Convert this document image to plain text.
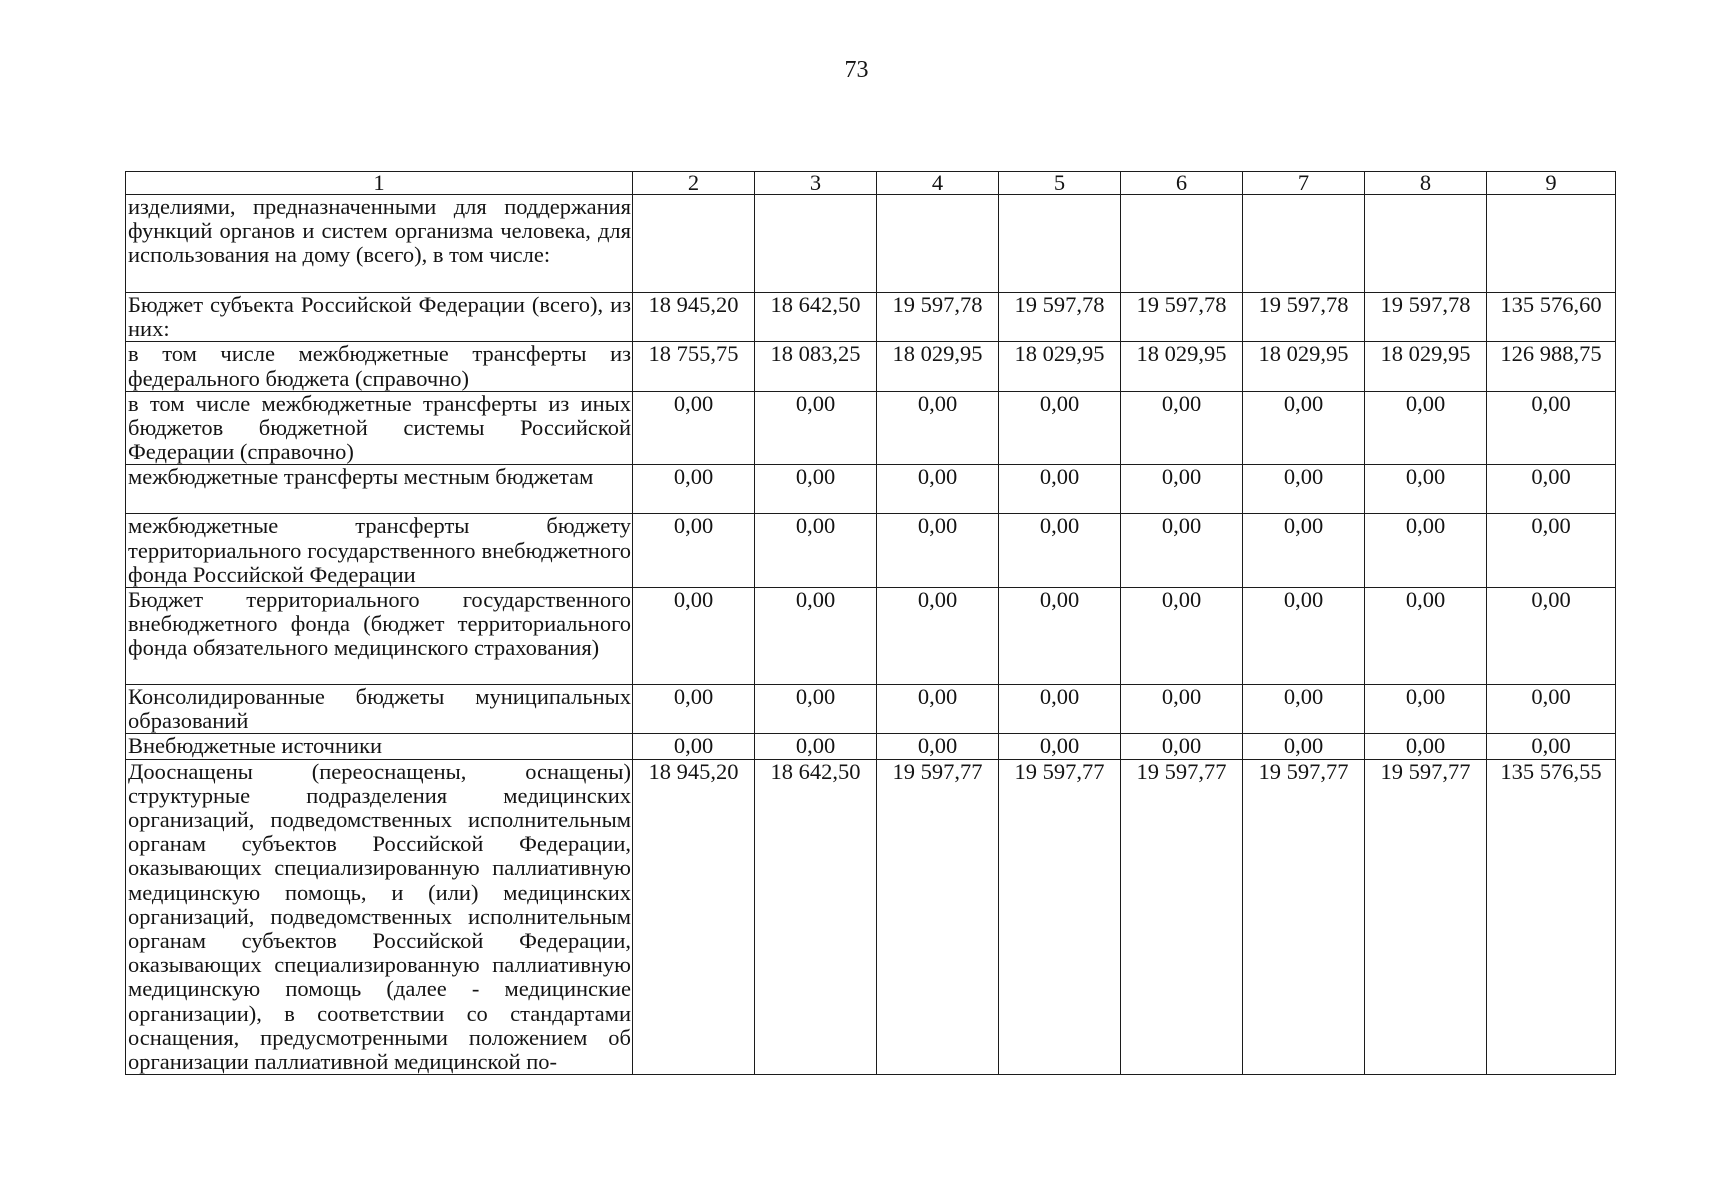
73
1	2	3	4	5	6	7	8	9
изделиями, предназначенными для поддержания функций органов и систем организма человека, для использования на дому (всего), в том числе:								
Бюджет субъекта Российской Федерации (всего), из них:	18 945,20	18 642,50	19 597,78	19 597,78	19 597,78	19 597,78	19 597,78	135 576,60
в том числе межбюджетные трансферты из федерального бюджета (справочно)	18 755,75	18 083,25	18 029,95	18 029,95	18 029,95	18 029,95	18 029,95	126 988,75
в том числе межбюджетные трансферты из иных бюджетов бюджетной системы Российской Федерации (справочно)	0,00	0,00	0,00	0,00	0,00	0,00	0,00	0,00
межбюджетные трансферты местным бюджетам	0,00	0,00	0,00	0,00	0,00	0,00	0,00	0,00
межбюджетные трансферты бюджету территориального государственного внебюджетного фонда Российской Федерации	0,00	0,00	0,00	0,00	0,00	0,00	0,00	0,00
Бюджет территориального государственного внебюджетного фонда (бюджет территориального фонда обязательного медицинского страхования)	0,00	0,00	0,00	0,00	0,00	0,00	0,00	0,00
Консолидированные бюджеты муниципальных образований	0,00	0,00	0,00	0,00	0,00	0,00	0,00	0,00
Внебюджетные источники	0,00	0,00	0,00	0,00	0,00	0,00	0,00	0,00
Дооснащены (переоснащены, оснащены) структурные подразделения медицинских организаций, подведомственных исполнительным органам субъектов Российской Федерации, оказывающих специализированную паллиативную медицинскую помощь, и (или) медицинских организаций, подведомственных исполнительным органам субъектов Российской Федерации, оказывающих специализированную паллиативную медицинскую помощь (далее - медицинские организации), в соответствии со стандартами оснащения, предусмотренными положением об организации паллиативной медицинской по-	18 945,20	18 642,50	19 597,77	19 597,77	19 597,77	19 597,77	19 597,77	135 576,55
